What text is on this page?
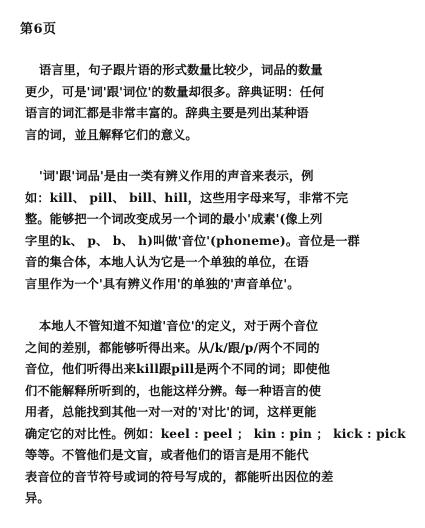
第6页
语言里，句子跟片语的形式数量比较少，词品的数量
更少，可是'词'跟'词位'的数量却很多。辞典证明：任何
语言的词汇都是非常丰富的。辞典主要是列出某种语
言的词，並且解释它们的意义。
'词'跟'词品'是由一类有辨义作用的声音来表示，例
如：kill、 pill、 bill、hill，这些用字母来写，非常不完
整。能够把一个词改变成另一个词的最小'成素'(像上列
字里的k、 p、 b、 h)叫做'音位'(phoneme)。音位是一群
音的集合体，本地人认为它是一个单独的单位，在语
言里作为一个'具有辨义作用'的单独的'声音单位'。
本地人不管知道不知道'音位'的定义，对于两个音位
之间的差别，都能够听得出来。从/k/跟/p/两个不同的
音位，他们听得出来kill跟pill是两个不同的词；即使他
们不能解释所听到的，也能这样分辨。每一种语言的使
用者，总能找到其他一对一对的'对比'的词，这样更能
确定它的对比性。例如：keel : peel ； kin : pin ； kick : pick
等等。不管他们是文盲，或者他们的语言是用不能代
表音位的音节符号或词的符号写成的，都能听出因位的差
异。
